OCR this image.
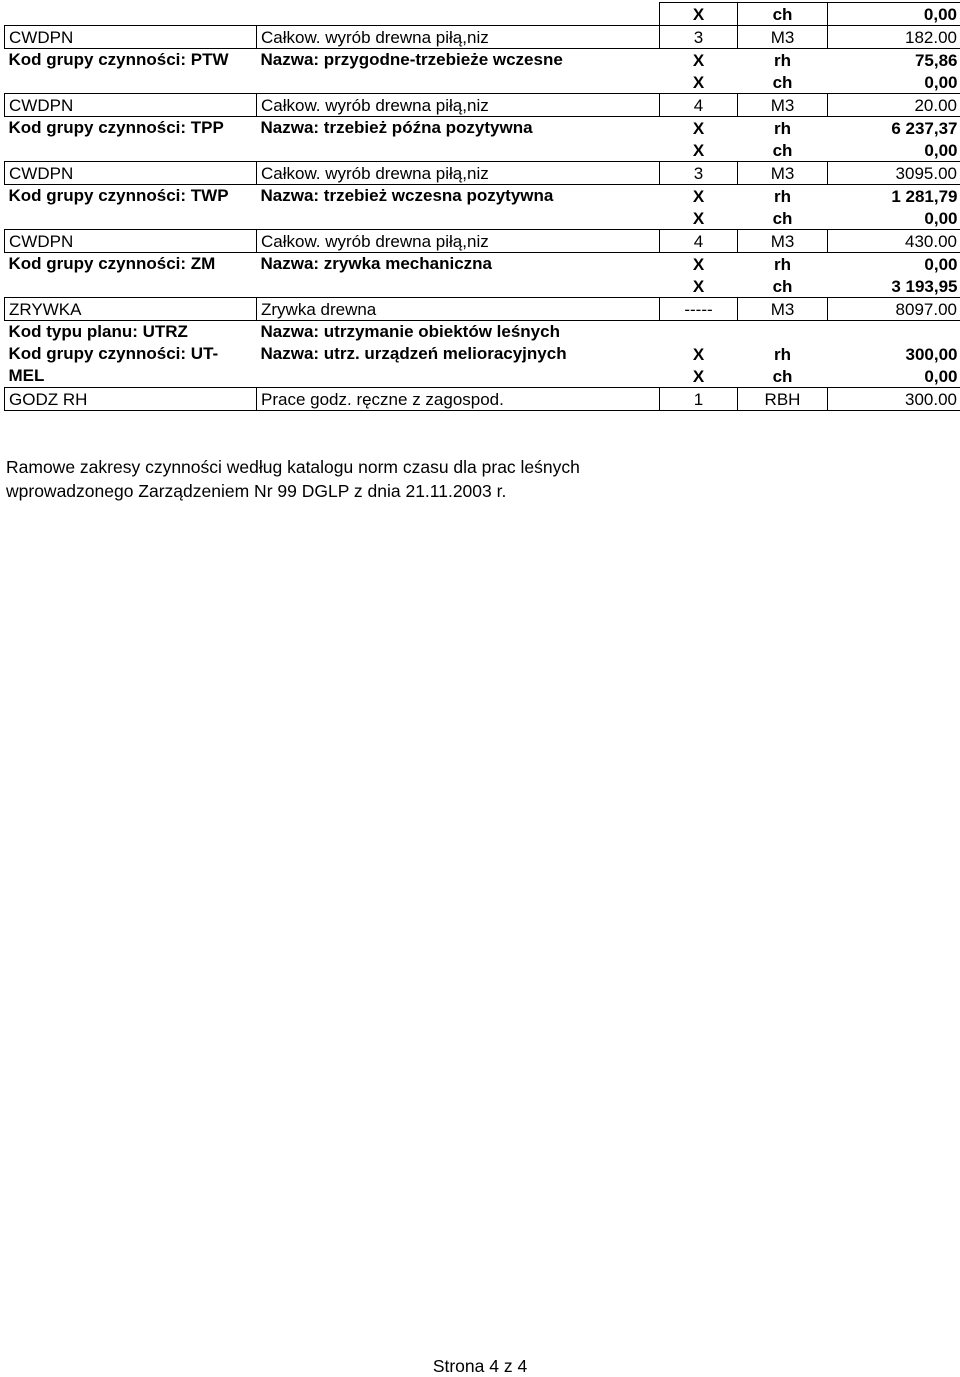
		X	ch	0,00
CWDPN	Całkow. wyrób drewna piłą,niz	3	M3	182.00
Kod grupy czynności: PTW	Nazwa: przygodne-trzebieże wczesne	X	rh	75,86
		X	ch	0,00
CWDPN	Całkow. wyrób drewna piłą,niz	4	M3	20.00
Kod grupy czynności: TPP	Nazwa: trzebież późna pozytywna	X	rh	6 237,37
		X	ch	0,00
CWDPN	Całkow. wyrób drewna piłą,niz	3	M3	3095.00
Kod grupy czynności: TWP	Nazwa: trzebież wczesna pozytywna	X	rh	1 281,79
		X	ch	0,00
CWDPN	Całkow. wyrób drewna piłą,niz	4	M3	430.00
Kod grupy czynności: ZM	Nazwa: zrywka mechaniczna	X	rh	0,00
		X	ch	3 193,95
ZRYWKA	Zrywka drewna	-----	M3	8097.00
Kod typu planu: UTRZ	Nazwa: utrzymanie obiektów leśnych			
Kod grupy czynności: UT-
MEL	Nazwa: utrz. urządzeń melioracyjnych	X	rh	300,00
		X	ch	0,00
GODZ RH	Prace godz. ręczne z zagospod.	1	RBH	300.00
Ramowe zakresy czynności według katalogu norm czasu dla prac leśnych
wprowadzonego Zarządzeniem Nr 99 DGLP z dnia 21.11.2003 r.
Strona 4 z 4
